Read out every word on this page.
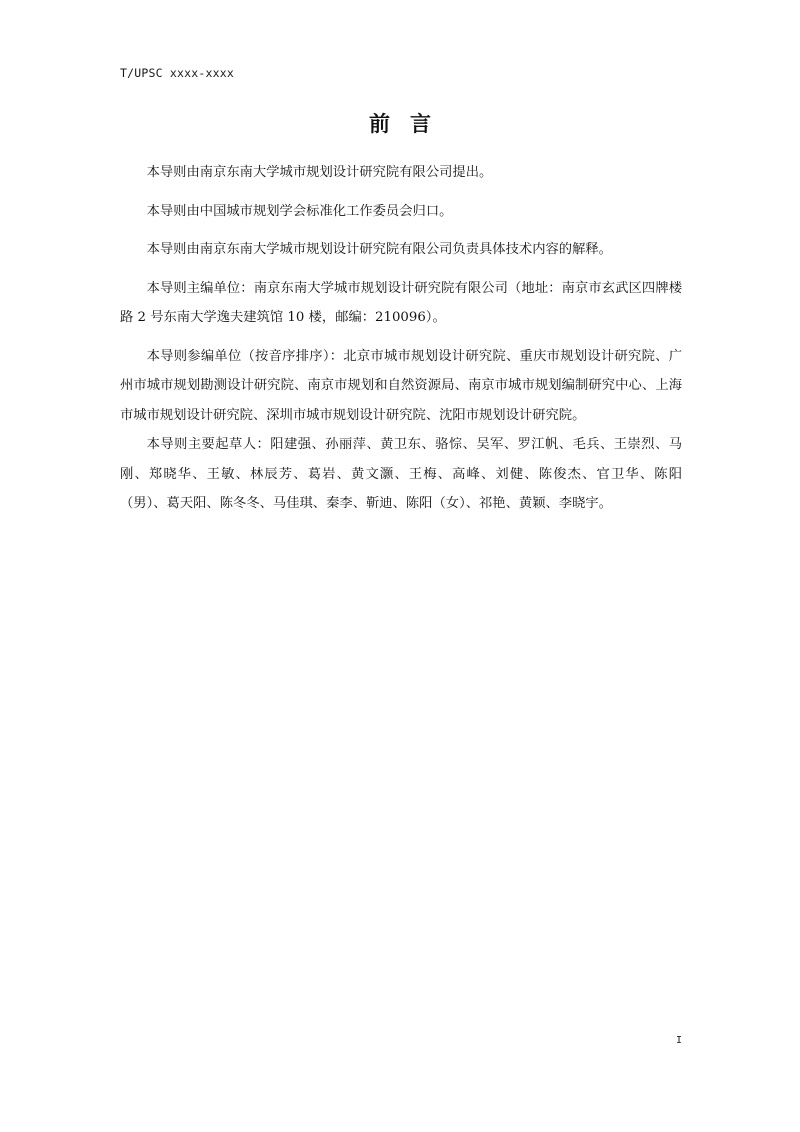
T/UPSC xxxx-xxxx
前言

本导则由南京东南大学城市规划设计研究院有限公司提出。

本导则由中国城市规划学会标准化工作委员会归口。

本导则由南京东南大学城市规划设计研究院有限公司负责具体技术内容的解释。

本导则主编单位：南京东南大学城市规划设计研究院有限公司（地址：南京市玄武区四牌楼路 2 号东南大学逸夫建筑馆 10 楼，邮编：210096）。

本导则参编单位（按音序排序）：北京市城市规划设计研究院、重庆市规划设计研究院、广州市城市规划勘测设计研究院、南京市规划和自然资源局、南京市城市规划编制研究中心、上海市城市规划设计研究院、深圳市城市规划设计研究院、沈阳市规划设计研究院。

本导则主要起草人：阳建强、孙丽萍、黄卫东、骆悰、吴军、罗江帆、毛兵、王崇烈、马刚、郑晓华、王敏、林辰芳、葛岩、黄文灏、王梅、高峰、刘健、陈俊杰、官卫华、陈阳（男）、葛天阳、陈冬冬、马佳琪、秦李、靳迪、陈阳（女）、祁艳、黄颖、李晓宇。

I
